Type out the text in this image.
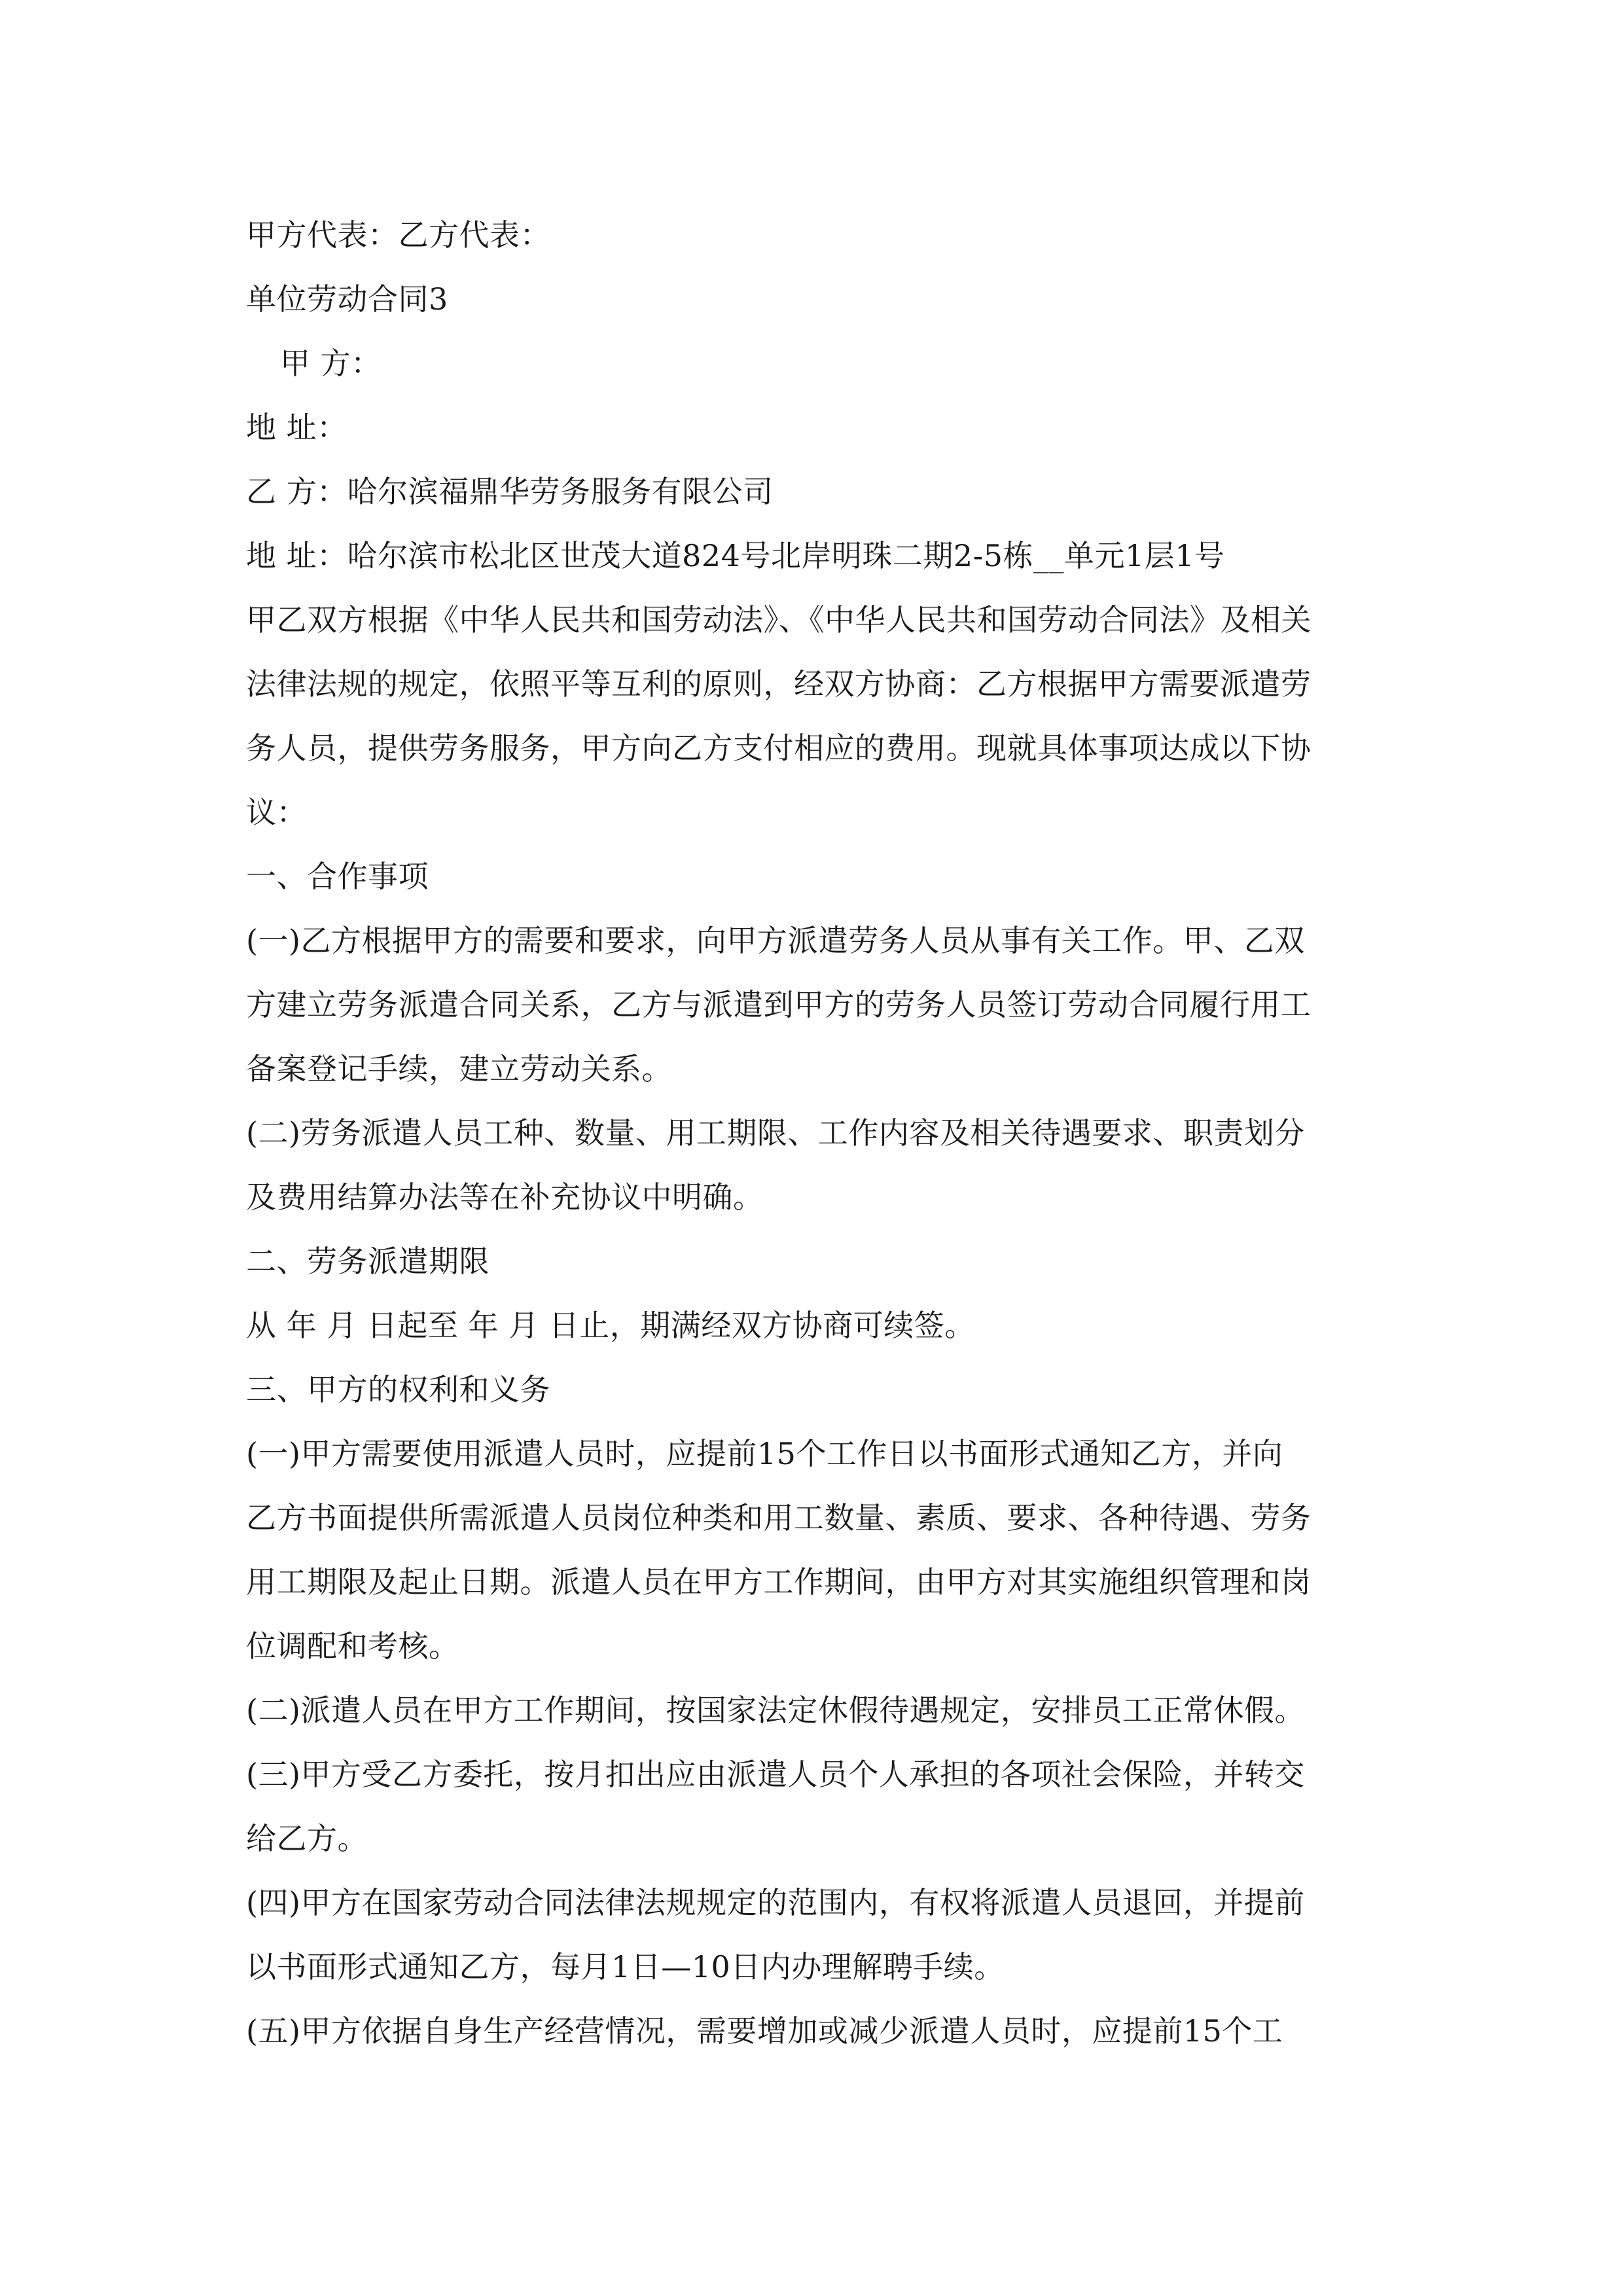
甲方代表：乙方代表：
单位劳动合同3
甲 方：
地 址：
乙 方：哈尔滨福鼎华劳务服务有限公司
地 址：哈尔滨市松北区世茂大道824号北岸明珠二期2-5栋__单元1层1号
甲乙双方根据《中华人民共和国劳动法》、《中华人民共和国劳动合同法》及相关
法律法规的规定，依照平等互利的原则，经双方协商：乙方根据甲方需要派遣劳
务人员，提供劳务服务，甲方向乙方支付相应的费用。现就具体事项达成以下协
议：
一、合作事项
(一)乙方根据甲方的需要和要求，向甲方派遣劳务人员从事有关工作。甲、乙双
方建立劳务派遣合同关系，乙方与派遣到甲方的劳务人员签订劳动合同履行用工
备案登记手续，建立劳动关系。
(二)劳务派遣人员工种、数量、用工期限、工作内容及相关待遇要求、职责划分
及费用结算办法等在补充协议中明确。
二、劳务派遣期限
从 年 月 日起至 年 月 日止，期满经双方协商可续签。
三、甲方的权利和义务
(一)甲方需要使用派遣人员时，应提前15个工作日以书面形式通知乙方，并向
乙方书面提供所需派遣人员岗位种类和用工数量、素质、要求、各种待遇、劳务
用工期限及起止日期。派遣人员在甲方工作期间，由甲方对其实施组织管理和岗
位调配和考核。
(二)派遣人员在甲方工作期间，按国家法定休假待遇规定，安排员工正常休假。
(三)甲方受乙方委托，按月扣出应由派遣人员个人承担的各项社会保险，并转交
给乙方。
(四)甲方在国家劳动合同法律法规规定的范围内，有权将派遣人员退回，并提前
以书面形式通知乙方，每月1日—10日内办理解聘手续。
(五)甲方依据自身生产经营情况，需要增加或减少派遣人员时，应提前15个工
